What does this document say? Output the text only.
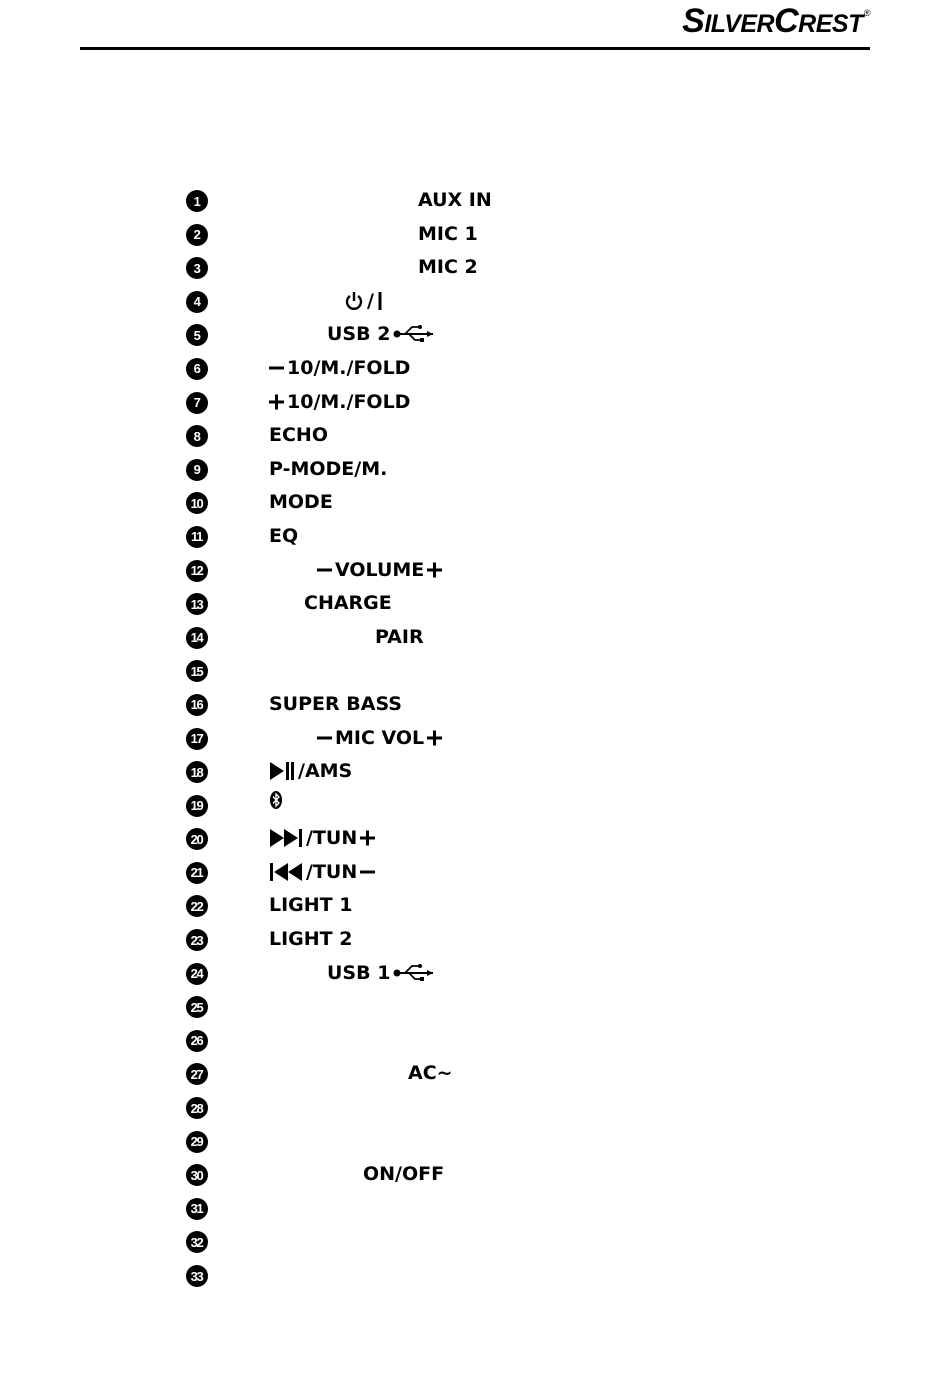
S ILVER C REST ®
1	AUX IN
2	MIC 1
3	MIC 2
4	/
5	USB 2
6	10/M./FOLD
7	10/M./FOLD
8	ECHO
9	P-MODE/M.
10	MODE
11	EQ
12	VOLUME
13	CHARGE
14	PAIR
15
16	SUPER BASS
17	MIC VOL
18	/AMS
19
20	/TUN
21	/TUN
22	LIGHT 1
23	LIGHT 2
24	USB 1
25
26
27	AC~
28
29
30	ON/OFF
31
32
33
